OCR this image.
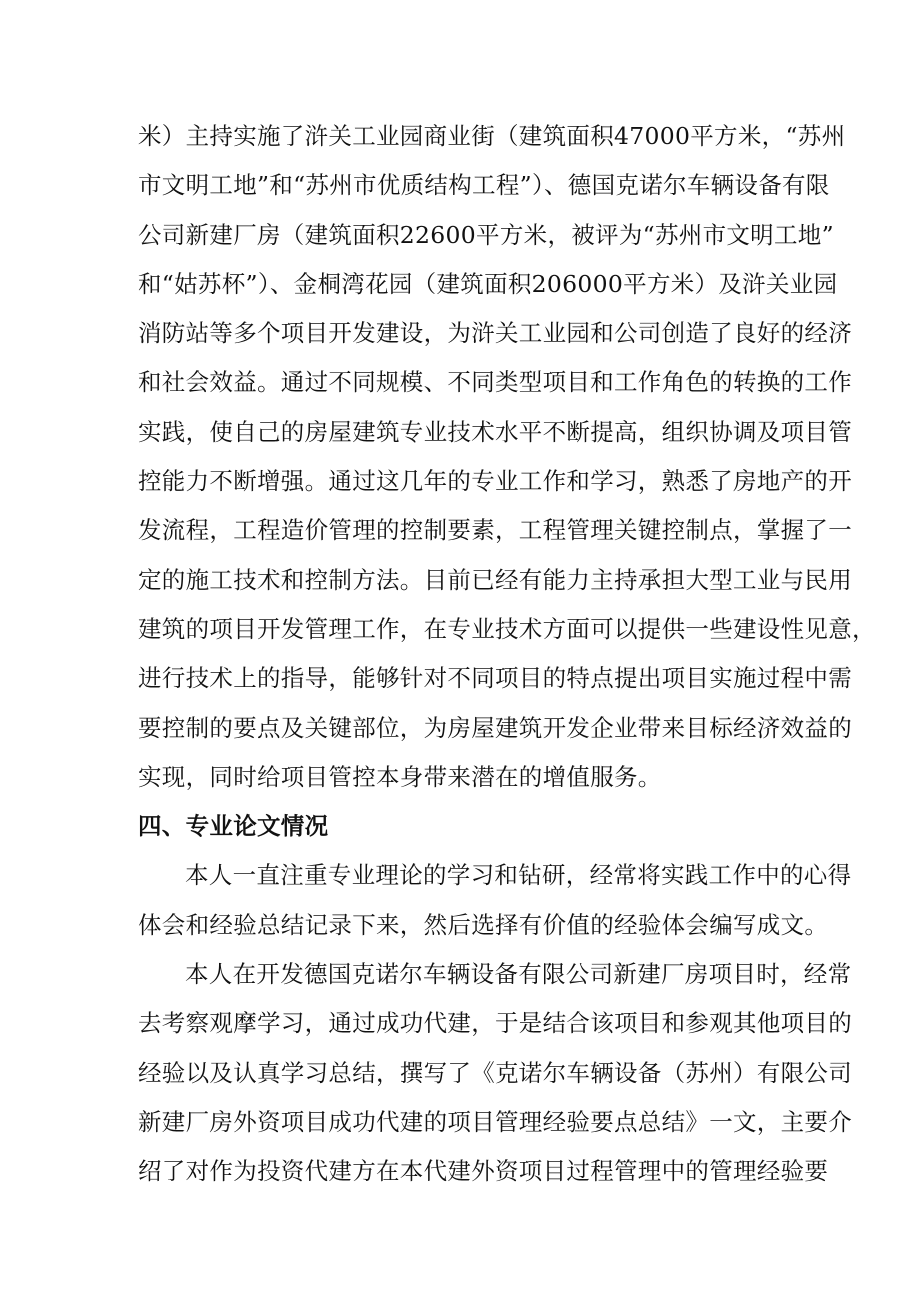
米）主持实施了浒关工业园商业街（建筑面积47000平方米，“苏州
市文明工地”和“苏州市优质结构工程”）、德国克诺尔车辆设备有限
公司新建厂房（建筑面积22600平方米，被评为“苏州市文明工地”
和“姑苏杯”）、金桐湾花园（建筑面积206000平方米）及浒关业园
消防站等多个项目开发建设，为浒关工业园和公司创造了良好的经济
和社会效益。通过不同规模、不同类型项目和工作角色的转换的工作
实践，使自己的房屋建筑专业技术水平不断提高，组织协调及项目管
控能力不断增强。通过这几年的专业工作和学习，熟悉了房地产的开
发流程，工程造价管理的控制要素，工程管理关键控制点，掌握了一
定的施工技术和控制方法。目前已经有能力主持承担大型工业与民用
建筑的项目开发管理工作，在专业技术方面可以提供一些建设性见意，
进行技术上的指导，能够针对不同项目的特点提出项目实施过程中需
要控制的要点及关键部位，为房屋建筑开发企业带来目标经济效益的
实现，同时给项目管控本身带来潜在的增值服务。
四、专业论文情况
本人一直注重专业理论的学习和钻研，经常将实践工作中的心得
体会和经验总结记录下来，然后选择有价值的经验体会编写成文。
本人在开发德国克诺尔车辆设备有限公司新建厂房项目时，经常
去考察观摩学习，通过成功代建，于是结合该项目和参观其他项目的
经验以及认真学习总结，撰写了《克诺尔车辆设备（苏州）有限公司
新建厂房外资项目成功代建的项目管理经验要点总结》一文，主要介
绍了对作为投资代建方在本代建外资项目过程管理中的管理经验要
